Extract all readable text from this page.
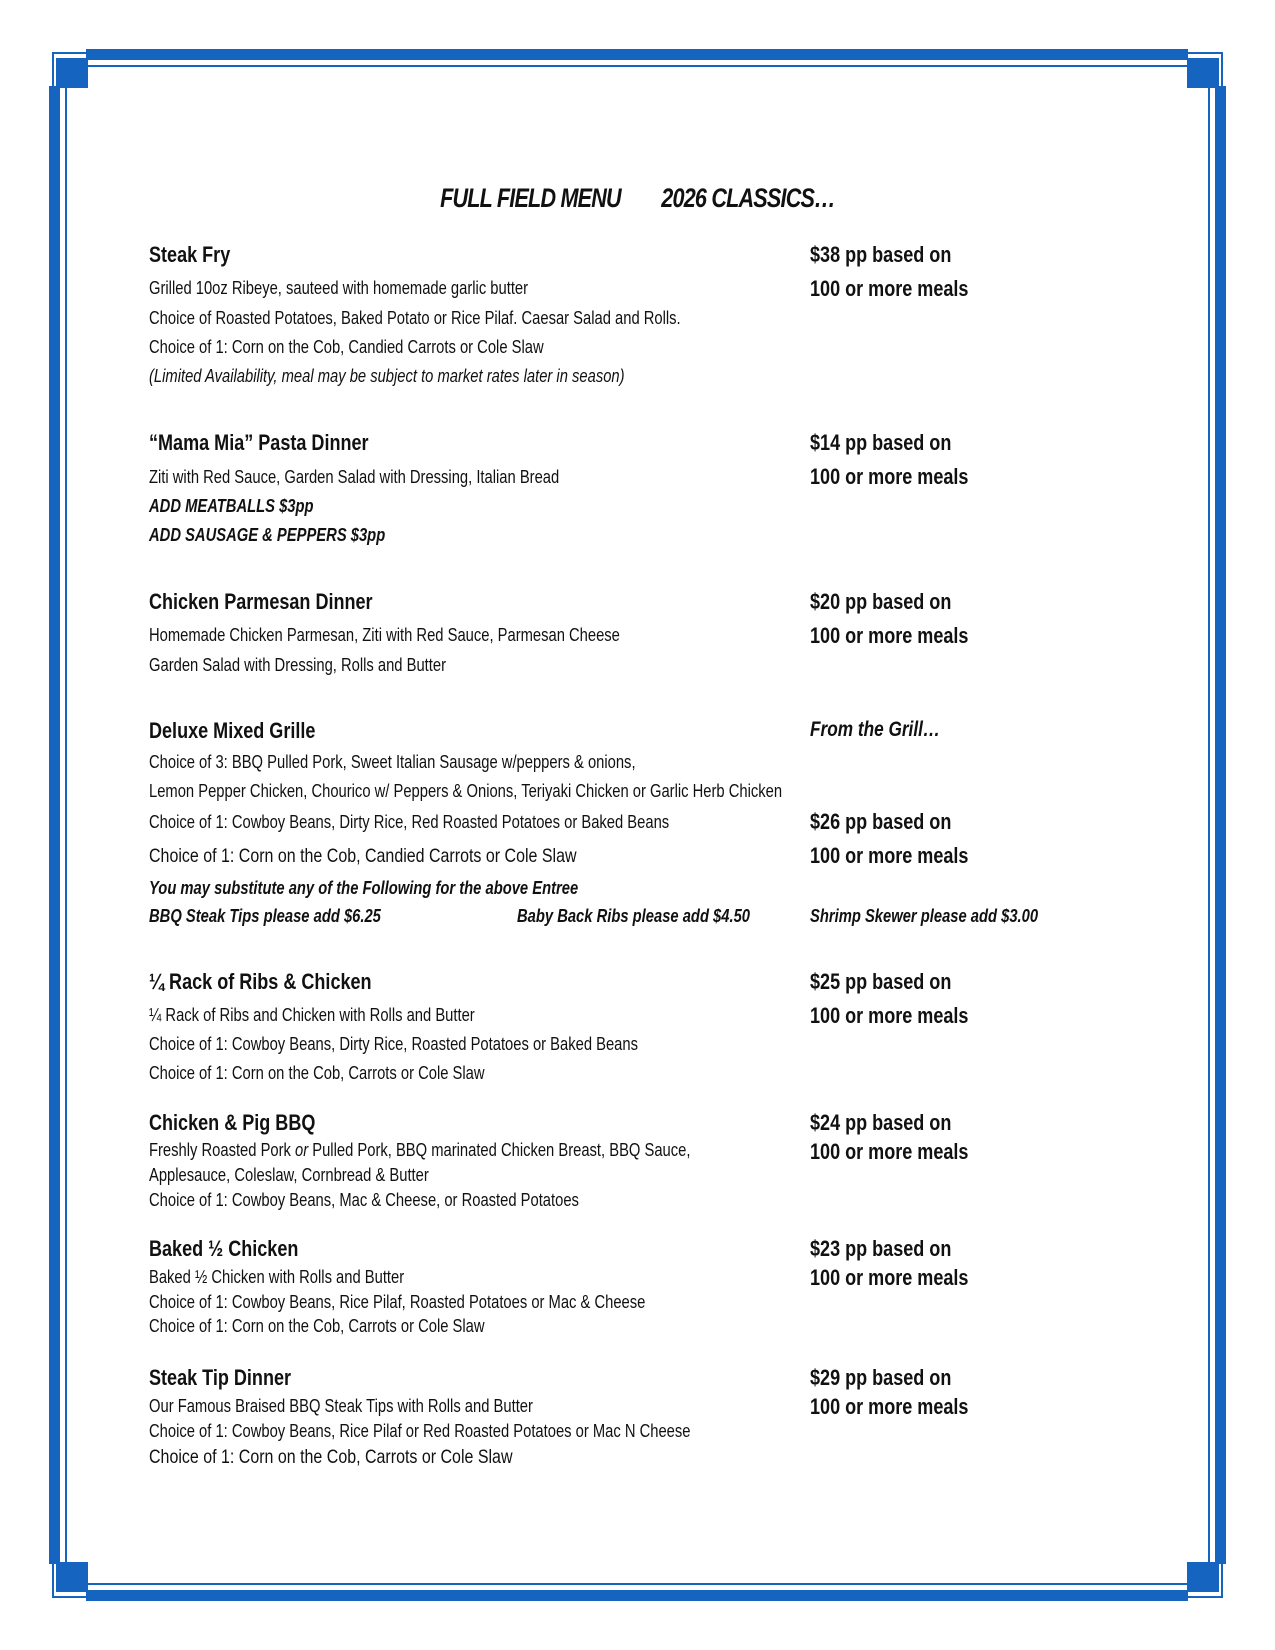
FULL FIELD MENU 2026 CLASSICS…
Steak Fry
Grilled 10oz Ribeye, sauteed with homemade garlic butter
Choice of Roasted Potatoes, Baked Potato or Rice Pilaf. Caesar Salad and Rolls.
Choice of 1: Corn on the Cob, Candied Carrots or Cole Slaw
(Limited Availability, meal may be subject to market rates later in season)
$38 pp based on
100 or more meals
“Mama Mia” Pasta Dinner
Ziti with Red Sauce, Garden Salad with Dressing, Italian Bread
ADD MEATBALLS $3pp
ADD SAUSAGE & PEPPERS $3pp
$14 pp based on
100 or more meals
Chicken Parmesan Dinner
Homemade Chicken Parmesan, Ziti with Red Sauce, Parmesan Cheese
Garden Salad with Dressing, Rolls and Butter
$20 pp based on
100 or more meals
Deluxe Mixed Grille	From the Grill…
Choice of 3: BBQ Pulled Pork, Sweet Italian Sausage w/peppers & onions,
Lemon Pepper Chicken, Chourico w/ Peppers & Onions, Teriyaki Chicken or Garlic Herb Chicken
Choice of 1: Cowboy Beans, Dirty Rice, Red Roasted Potatoes or Baked Beans
Choice of 1: Corn on the Cob, Candied Carrots or Cole Slaw
You may substitute any of the Following for the above Entree
BBQ Steak Tips please add $6.25	Baby Back Ribs please add $4.50	Shrimp Skewer please add $3.00
$26 pp based on
100 or more meals
¼ Rack of Ribs & Chicken
¼ Rack of Ribs and Chicken with Rolls and Butter
Choice of 1: Cowboy Beans, Dirty Rice, Roasted Potatoes or Baked Beans
Choice of 1: Corn on the Cob, Carrots or Cole Slaw
$25 pp based on
100 or more meals
Chicken & Pig BBQ
Freshly Roasted Pork or Pulled Pork, BBQ marinated Chicken Breast, BBQ Sauce,
Applesauce, Coleslaw, Cornbread & Butter
Choice of 1: Cowboy Beans, Mac & Cheese, or Roasted Potatoes
$24 pp based on
100 or more meals
Baked ½ Chicken
Baked ½ Chicken with Rolls and Butter
Choice of 1: Cowboy Beans, Rice Pilaf, Roasted Potatoes or Mac & Cheese
Choice of 1: Corn on the Cob, Carrots or Cole Slaw
$23 pp based on
100 or more meals
Steak Tip Dinner
Our Famous Braised BBQ Steak Tips with Rolls and Butter
Choice of 1: Cowboy Beans, Rice Pilaf or Red Roasted Potatoes or Mac N Cheese
Choice of 1: Corn on the Cob, Carrots or Cole Slaw
$29 pp based on
100 or more meals
